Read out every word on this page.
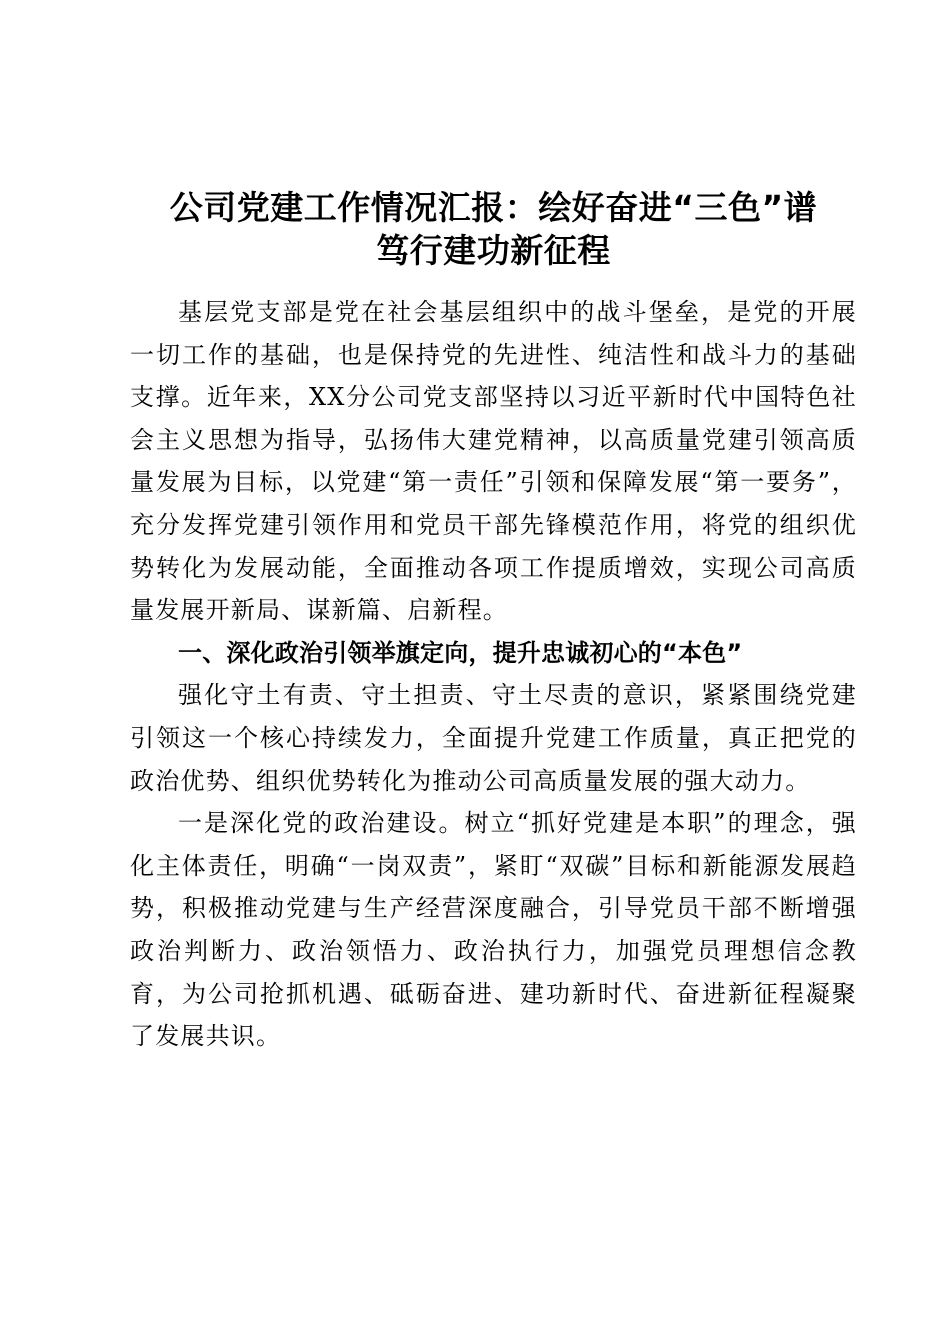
公司党建工作情况汇报：绘好奋进“三色”谱
笃行建功新征程

基层党支部是党在社会基层组织中的战斗堡垒，是党的开展一切工作的基础，也是保持党的先进性、纯洁性和战斗力的基础支撑。近年来，XX分公司党支部坚持以习近平新时代中国特色社会主义思想为指导，弘扬伟大建党精神，以高质量党建引领高质量发展为目标，以党建“第一责任”引领和保障发展“第一要务”，充分发挥党建引领作用和党员干部先锋模范作用，将党的组织优势转化为发展动能，全面推动各项工作提质增效，实现公司高质量发展开新局、谋新篇、启新程。

一、深化政治引领举旗定向，提升忠诚初心的“本色”

强化守土有责、守土担责、守土尽责的意识，紧紧围绕党建引领这一个核心持续发力，全面提升党建工作质量，真正把党的政治优势、组织优势转化为推动公司高质量发展的强大动力。

一是深化党的政治建设。树立“抓好党建是本职”的理念，强化主体责任，明确“一岗双责”，紧盯“双碳”目标和新能源发展趋势，积极推动党建与生产经营深度融合，引导党员干部不断增强政治判断力、政治领悟力、政治执行力，加强党员理想信念教育，为公司抢抓机遇、砥砺奋进、建功新时代、奋进新征程凝聚了发展共识。
